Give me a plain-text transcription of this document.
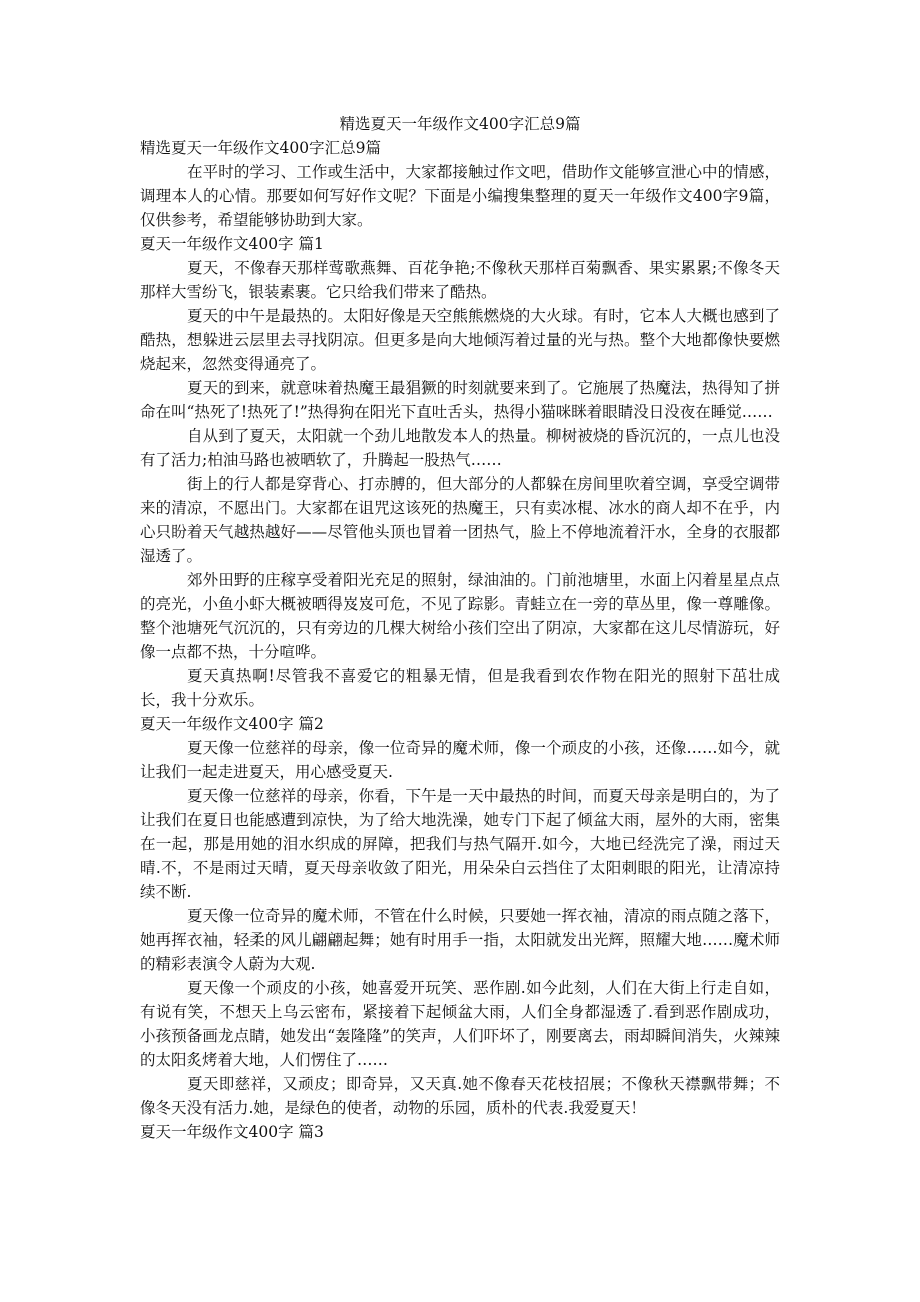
精选夏天一年级作文400字汇总9篇

精选夏天一年级作文400字汇总9篇

在平时的学习、工作或生活中，大家都接触过作文吧，借助作文能够宣泄心中的情感，调理本人的心情。那要如何写好作文呢？下面是小编搜集整理的夏天一年级作文400字9篇，仅供参考，希望能够协助到大家。

夏天一年级作文400字 篇1

夏天，不像春天那样莺歌燕舞、百花争艳;不像秋天那样百菊飘香、果实累累;不像冬天那样大雪纷飞，银装素裹。它只给我们带来了酷热。

夏天的中午是最热的。太阳好像是天空熊熊燃烧的大火球。有时，它本人大概也感到了酷热，想躲进云层里去寻找阴凉。但更多是向大地倾泻着过量的光与热。整个大地都像快要燃烧起来，忽然变得通亮了。

夏天的到来，就意味着热魔王最猖獗的时刻就要来到了。它施展了热魔法，热得知了拼命在叫“热死了!热死了!”热得狗在阳光下直吐舌头，热得小猫咪眯着眼睛没日没夜在睡觉……

自从到了夏天，太阳就一个劲儿地散发本人的热量。柳树被烧的昏沉沉的，一点儿也没有了活力;柏油马路也被晒软了，升腾起一股热气……

街上的行人都是穿背心、打赤膊的，但大部分的人都躲在房间里吹着空调，享受空调带来的清凉，不愿出门。大家都在诅咒这该死的热魔王，只有卖冰棍、冰水的商人却不在乎，内心只盼着天气越热越好——尽管他头顶也冒着一团热气，脸上不停地流着汗水，全身的衣服都湿透了。

郊外田野的庄稼享受着阳光充足的照射，绿油油的。门前池塘里，水面上闪着星星点点的亮光，小鱼小虾大概被晒得岌岌可危，不见了踪影。青蛙立在一旁的草丛里，像一尊雕像。整个池塘死气沉沉的，只有旁边的几棵大树给小孩们空出了阴凉，大家都在这儿尽情游玩，好像一点都不热，十分喧哗。

夏天真热啊!尽管我不喜爱它的粗暴无情，但是我看到农作物在阳光的照射下茁壮成长，我十分欢乐。

夏天一年级作文400字 篇2

夏天像一位慈祥的母亲，像一位奇异的魔术师，像一个顽皮的小孩，还像……如今，就让我们一起走进夏天，用心感受夏天.

夏天像一位慈祥的母亲，你看，下午是一天中最热的时间，而夏天母亲是明白的，为了让我们在夏日也能感遭到凉快，为了给大地洗澡，她专门下起了倾盆大雨，屋外的大雨，密集在一起，那是用她的泪水织成的屏障，把我们与热气隔开.如今，大地已经洗完了澡，雨过天晴.不，不是雨过天晴，夏天母亲收敛了阳光，用朵朵白云挡住了太阳刺眼的阳光，让清凉持续不断.

夏天像一位奇异的魔术师，不管在什么时候，只要她一挥衣袖，清凉的雨点随之落下，她再挥衣袖，轻柔的风儿翩翩起舞；她有时用手一指，太阳就发出光辉，照耀大地……魔术师的精彩表演令人蔚为大观.

夏天像一个顽皮的小孩，她喜爱开玩笑、恶作剧.如今此刻，人们在大街上行走自如，有说有笑，不想天上乌云密布，紧接着下起倾盆大雨，人们全身都湿透了.看到恶作剧成功，小孩预备画龙点睛，她发出“轰隆隆”的笑声，人们吓坏了，刚要离去，雨却瞬间消失，火辣辣的太阳炙烤着大地，人们愣住了……

夏天即慈祥，又顽皮；即奇异，又天真.她不像春天花枝招展；不像秋天襟飘带舞；不像冬天没有活力.她，是绿色的使者，动物的乐园，质朴的代表.我爱夏天！

夏天一年级作文400字 篇3
